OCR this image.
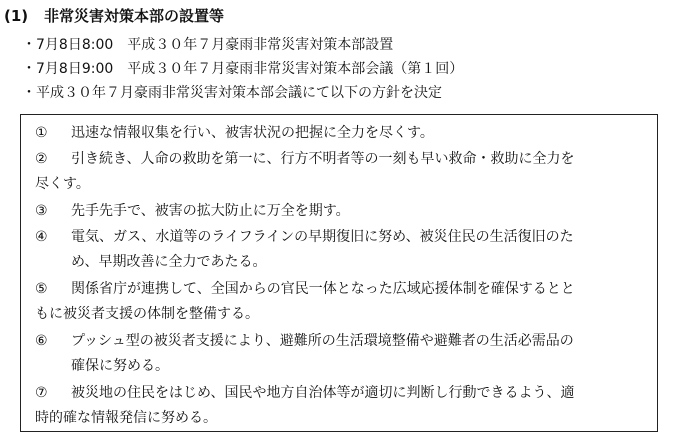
(1) 非常災害対策本部の設置等
・7月8日8:00　平成３０年７月豪雨非常災害対策本部設置
・7月8日9:00　平成３０年７月豪雨非常災害対策本部会議（第１回）
・平成３０年７月豪雨非常災害対策本部会議にて以下の方針を決定
①	迅速な情報収集を行い、被害状況の把握に全力を尽くす。
②	引き続き、人命の救助を第一に、行方不明者等の一刻も早い救命・救助に全力を
尽くす。
③	先手先手で、被害の拡大防止に万全を期す。
④	電気、ガス、水道等のライフラインの早期復旧に努め、被災住民の生活復旧のた
め、早期改善に全力であたる。
⑤	関係省庁が連携して、全国からの官民一体となった広域応援体制を確保するとと
もに被災者支援の体制を整備する。
⑥	プッシュ型の被災者支援により、避難所の生活環境整備や避難者の生活必需品の
確保に努める。
⑦	被災地の住民をはじめ、国民や地方自治体等が適切に判断し行動できるよう、適
時的確な情報発信に努める。
